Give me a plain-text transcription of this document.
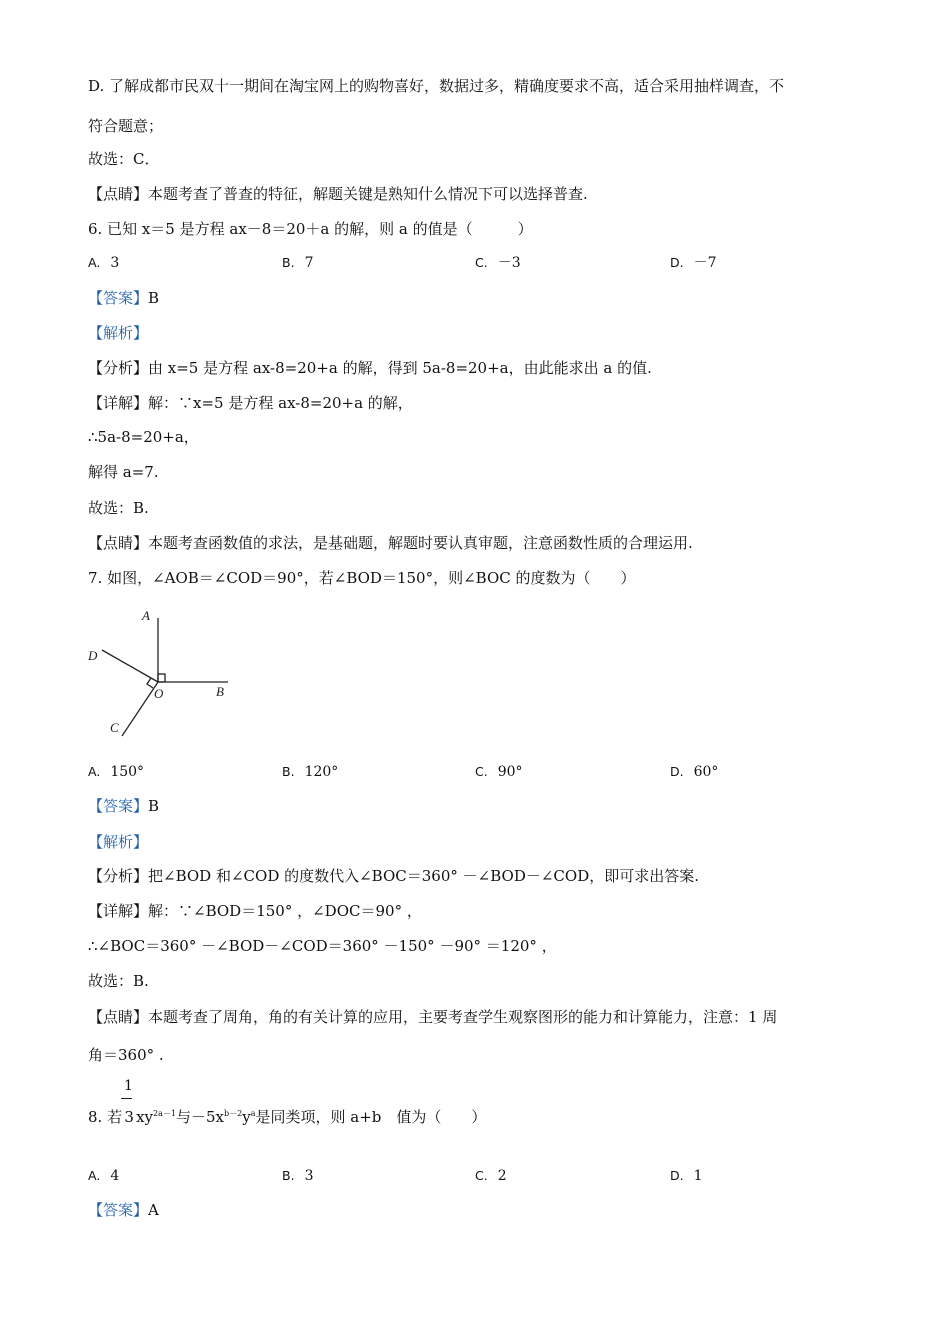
D. 了解成都市民双十一期间在淘宝网上的购物喜好，数据过多，精确度要求不高，适合采用抽样调查，不
符合题意；
故选：C．
【点睛】本题考查了普查的特征，解题关键是熟知什么情况下可以选择普查.
6. 已知 x＝5 是方程 ax－8＝20＋a 的解，则 a 的值是（　　　）
A. 3	B. 7	C. －3	D. －7
【答案】B
【解析】
【分析】由 x=5 是方程 ax-8=20+a 的解，得到 5a-8=20+a，由此能求出 a 的值.
【详解】解：∵x=5 是方程 ax-8=20+a 的解，
∴5a-8=20+a，
解得 a=7.
故选：B.
【点睛】本题考查函数值的求法，是基础题，解题时要认真审题，注意函数性质的合理运用.
7. 如图，∠AOB＝∠COD＝90°，若∠BOD＝150°，则∠BOC 的度数为（　　）
A
B
C
D
O
A. 150°	B. 120°	C. 90°	D. 60°
【答案】B
【解析】
【分析】把∠BOD 和∠COD 的度数代入∠BOC＝360° －∠BOD－∠COD，即可求出答案.
【详解】解：∵∠BOD＝150° ，∠DOC＝90° ，
∴∠BOC＝360° －∠BOD－∠COD＝360° －150° －90° ＝120° ，
故选：B.
【点睛】本题考查了周角，角的有关计算的应用，主要考查学生观察图形的能力和计算能力，注意：1 周
角＝360° .
1
8. 若 3 $xy^{2a-1}$与$-5x^{b-2}y^a$是同类项，则 a+b　值为（　　）
A. 4	B. 3	C. 2	D. 1
【答案】A
